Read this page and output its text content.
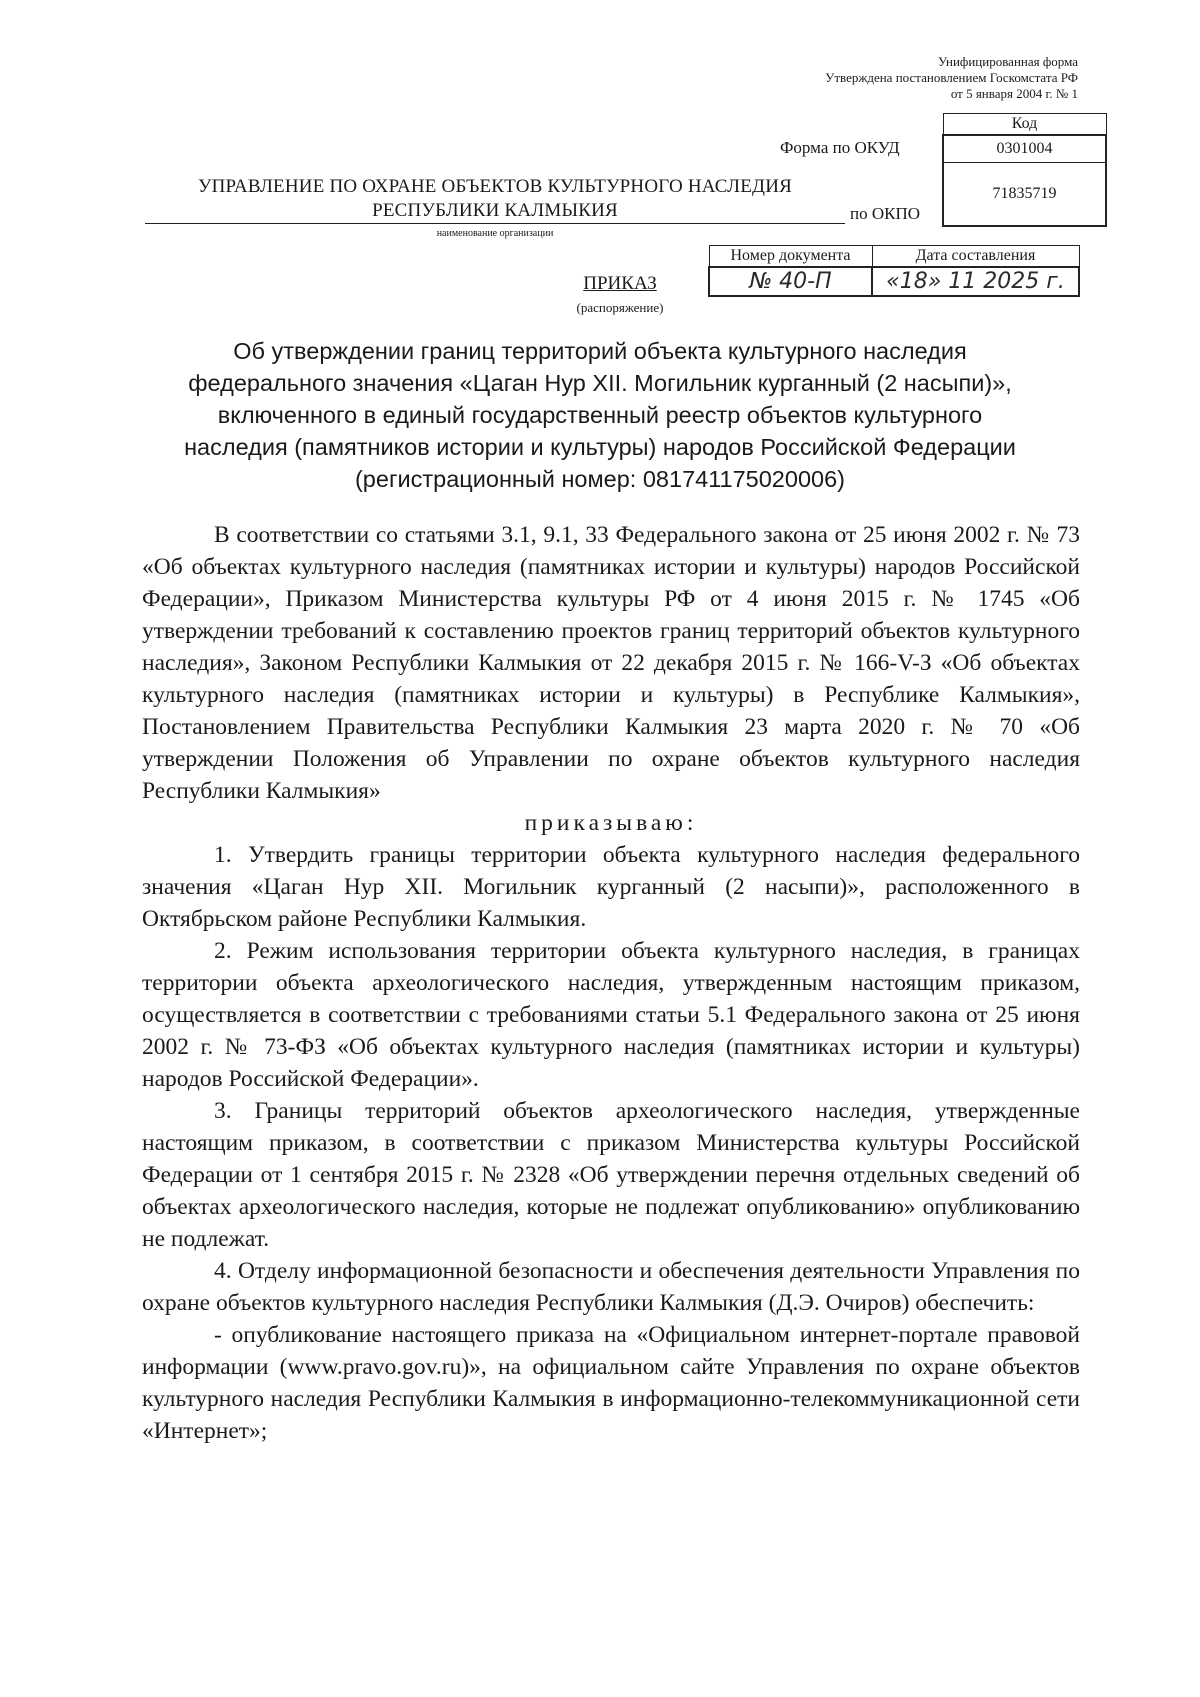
Унифицированная форма
Утверждена постановлением Госкомстата РФ
от 5 января 2004 г. № 1
Код
0301004
71835719
Форма по ОКУД
по ОКПО
УПРАВЛЕНИЕ ПО ОХРАНЕ ОБЪЕКТОВ КУЛЬТУРНОГО НАСЛЕДИЯ
РЕСПУБЛИКИ КАЛМЫКИЯ
наименование организации
Номер документа	Дата составления
№ 40-П	«18» 11 2025 г.
ПРИКАЗ
(распоряжение)
Об утверждении границ территорий объекта культурного наследия
федерального значения «Цаган Нур XII. Могильник курганный (2 насыпи)»,
включенного в единый государственный реестр объектов культурного
наследия (памятников истории и культуры) народов Российской Федерации
(регистрационный номер: 081741175020006)

В соответствии со статьями 3.1, 9.1, 33 Федерального закона от 25 июня 2002 г. № 73 «Об объектах культурного наследия (памятниках истории и культуры) народов Российской Федерации», Приказом Министерства культуры РФ от 4 июня 2015 г. № 1745 «Об утверждении требований к составлению проектов границ территорий объектов культурного наследия», Законом Республики Калмыкия от 22 декабря 2015 г. № 166-V-З «Об объектах культурного наследия (памятниках истории и культуры) в Республике Калмыкия», Постановлением Правительства Республики Калмыкия 23 марта 2020 г. № 70 «Об утверждении Положения об Управлении по охране объектов культурного наследия Республики Калмыкия»

приказываю:

1. Утвердить границы территории объекта культурного наследия федерального значения «Цаган Нур XII. Могильник курганный (2 насыпи)», расположенного в Октябрьском районе Республики Калмыкия.

2. Режим использования территории объекта культурного наследия, в границах территории объекта археологического наследия, утвержденным настоящим приказом, осуществляется в соответствии с требованиями статьи 5.1 Федерального закона от 25 июня 2002 г. № 73-ФЗ «Об объектах культурного наследия (памятниках истории и культуры) народов Российской Федерации».

3. Границы территорий объектов археологического наследия, утвержденные настоящим приказом, в соответствии с приказом Министерства культуры Российской Федерации от 1 сентября 2015 г. № 2328 «Об утверждении перечня отдельных сведений об объектах археологического наследия, которые не подлежат опубликованию» опубликованию не подлежат.

4. Отделу информационной безопасности и обеспечения деятельности Управления по охране объектов культурного наследия Республики Калмыкия (Д.Э. Очиров) обеспечить:

- опубликование настоящего приказа на «Официальном интернет-портале правовой информации (www.pravo.gov.ru)», на официальном сайте Управления по охране объектов культурного наследия Республики Калмыкия в информационно-телекоммуникационной сети «Интернет»;
